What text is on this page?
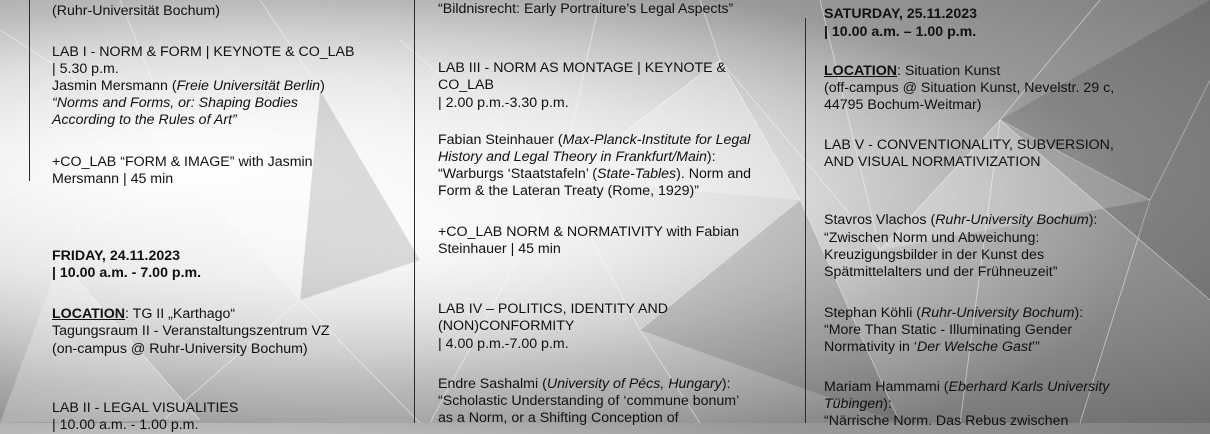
(Ruhr-Universität Bochum)

LAB I - NORM & FORM | KEYNOTE & CO_LAB

| 5.30 p.m.

Jasmin Mersmann (Freie Universität Berlin)

“Norms and Forms, or: Shaping Bodies

According to the Rules of Art”

+CO_LAB “FORM & IMAGE” with Jasmin

Mersmann | 45 min

FRIDAY, 24.11.2023

| 10.00 a.m. - 7.00 p.m.

LOCATION: TG II „Karthago“

Tagungsraum II - Veranstaltungszentrum VZ

(on-campus @ Ruhr-University Bochum)

LAB II - LEGAL VISUALITIES

| 10.00 a.m. - 1.00 p.m.

“Bildnisrecht: Early Portraiture's Legal Aspects”

LAB III - NORM AS MONTAGE | KEYNOTE &

CO_LAB

| 2.00 p.m.-3.30 p.m.

Fabian Steinhauer (Max-Planck-Institute for Legal

History and Legal Theory in Frankfurt/Main):

“Warburgs ‘Staatstafeln’ (State-Tables). Norm and

Form & the Lateran Treaty (Rome, 1929)”

+CO_LAB NORM & NORMATIVITY with Fabian

Steinhauer | 45 min

LAB IV – POLITICS, IDENTITY AND

(NON)CONFORMITY

| 4.00 p.m.-7.00 p.m.

Endre Sashalmi (University of Pécs, Hungary):

“Scholastic Understanding of ‘commune bonum’

as a Norm, or a Shifting Conception of

SATURDAY, 25.11.2023

| 10.00 a.m. – 1.00 p.m.

LOCATION: Situation Kunst

(off-campus @ Situation Kunst, Nevelstr. 29 c,

44795 Bochum-Weitmar)

LAB V - CONVENTIONALITY, SUBVERSION,

AND VISUAL NORMATIVIZATION

Stavros Vlachos (Ruhr-University Bochum):

“Zwischen Norm und Abweichung:

Kreuzigungsbilder in der Kunst des

Spätmittelalters und der Frühneuzeit”

Stephan Köhli (Ruhr-University Bochum):

“More Than Static - Illuminating Gender

Normativity in ‘Der Welsche Gast’”

Mariam Hammami (Eberhard Karls University

Tübingen):

“Närrische Norm. Das Rebus zwischen
